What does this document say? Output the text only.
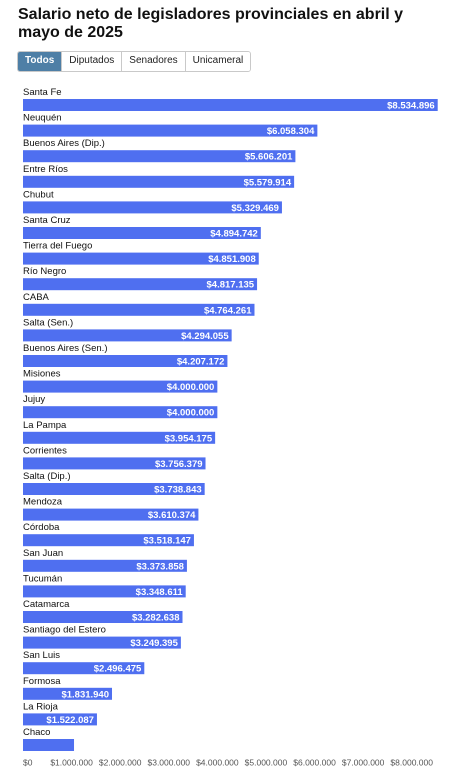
Salario neto de legisladores provinciales en abril y mayo de 2025
Todos	Diputados	Senadores	Unicameral
Santa Fe
$8.534.896
Neuquén
$6.058.304
Buenos Aires (Dip.)
$5.606.201
Entre Ríos
$5.579.914
Chubut
$5.329.469
Santa Cruz
$4.894.742
Tierra del Fuego
$4.851.908
Río Negro
$4.817.135
CABA
$4.764.261
Salta (Sen.)
$4.294.055
Buenos Aires (Sen.)
$4.207.172
Misiones
$4.000.000
Jujuy
$4.000.000
La Pampa
$3.954.175
Corrientes
$3.756.379
Salta (Dip.)
$3.738.843
Mendoza
$3.610.374
Córdoba
$3.518.147
San Juan
$3.373.858
Tucumán
$3.348.611
Catamarca
$3.282.638
Santiago del Estero
$3.249.395
San Luis
$2.496.475
Formosa
$1.831.940
La Rioja
$1.522.087
Chaco
$0 $1.000.000 $2.000.000 $3.000.000 $4.000.000 $5.000.000 $6.000.000 $7.000.000 $8.000.000
